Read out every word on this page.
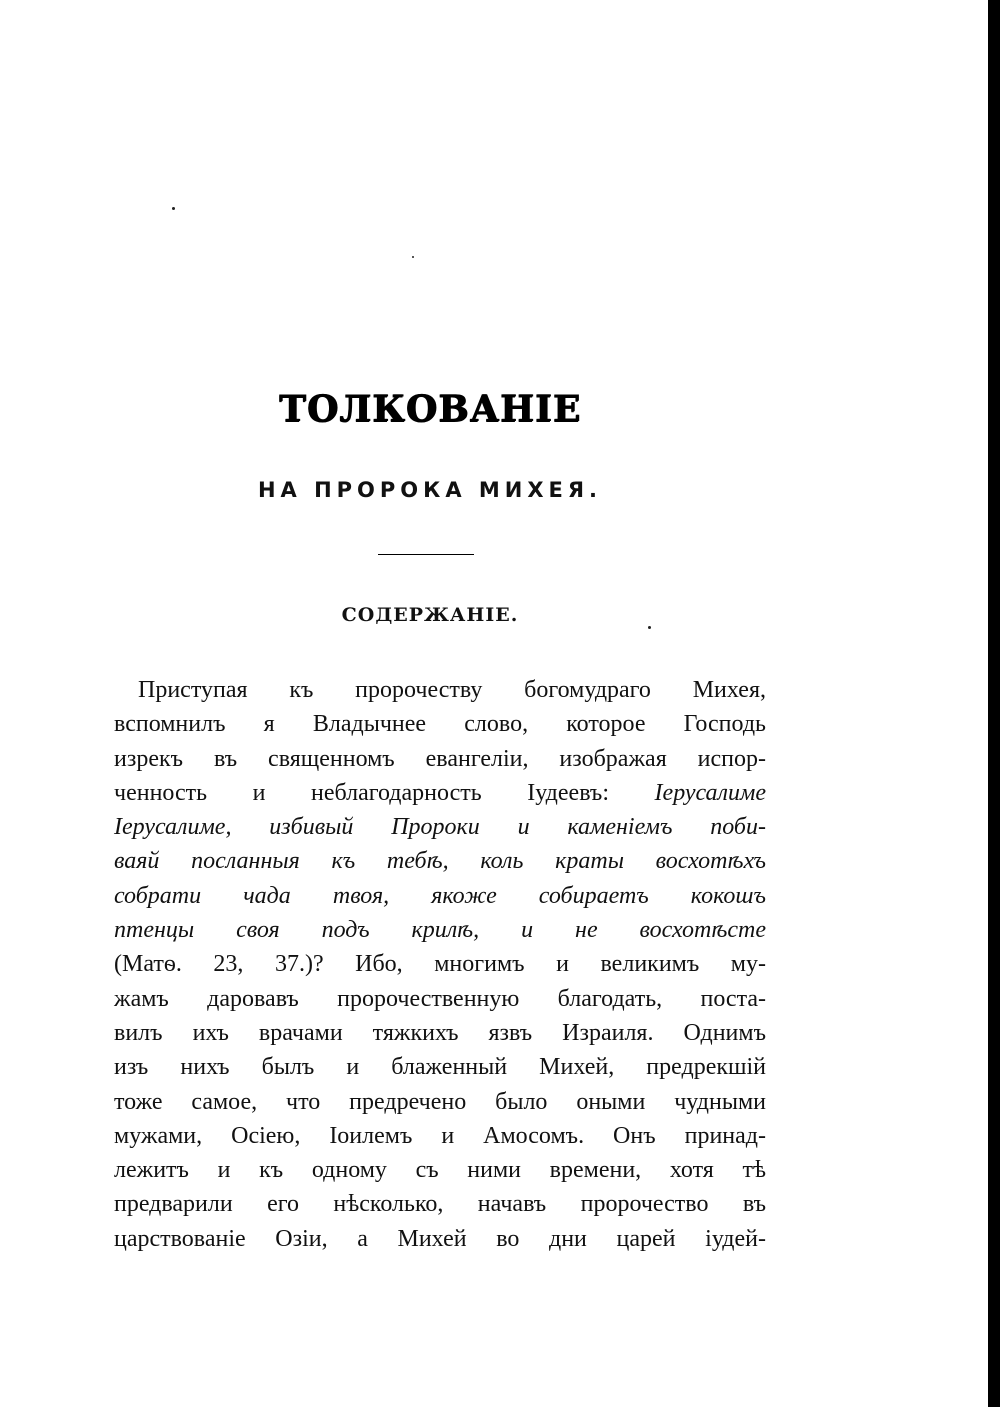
ТОЛКОВАНІЕ
НА ПРОРОКА МИХЕЯ.
СОДЕРЖАНІЕ.
Приступая къ пророчеству богомудраго Михея,
вспомнилъ я Владычнее слово, которое Господь
изрекъ въ священномъ евангеліи, изображая испор-
ченность и неблагодарность Іудеевъ: Іерусалиме
Іерусалиме, избивый Пророки и каменіемъ поби-
ваяй посланныя къ тебѣ, коль краты восхотѣхъ
собрати чада твоя, якоже собираетъ кокошъ
птенцы своя подъ крилѣ, и не восхотѣсте
(Матѳ. 23, 37.)? Ибо, многимъ и великимъ му-
жамъ даровавъ пророчественную благодать, поста-
вилъ ихъ врачами тяжкихъ язвъ Израиля. Однимъ
изъ нихъ былъ и блаженный Михей, предрекшій
тоже самое, что предречено было оными чудными
мужами, Осіею, Іоилемъ и Амосомъ. Онъ принад-
лежитъ и къ одному съ ними времени, хотя тѣ
предварили его нѣсколько, начавъ пророчество въ
царствованіе Озіи, а Михей во дни царей іудей-
